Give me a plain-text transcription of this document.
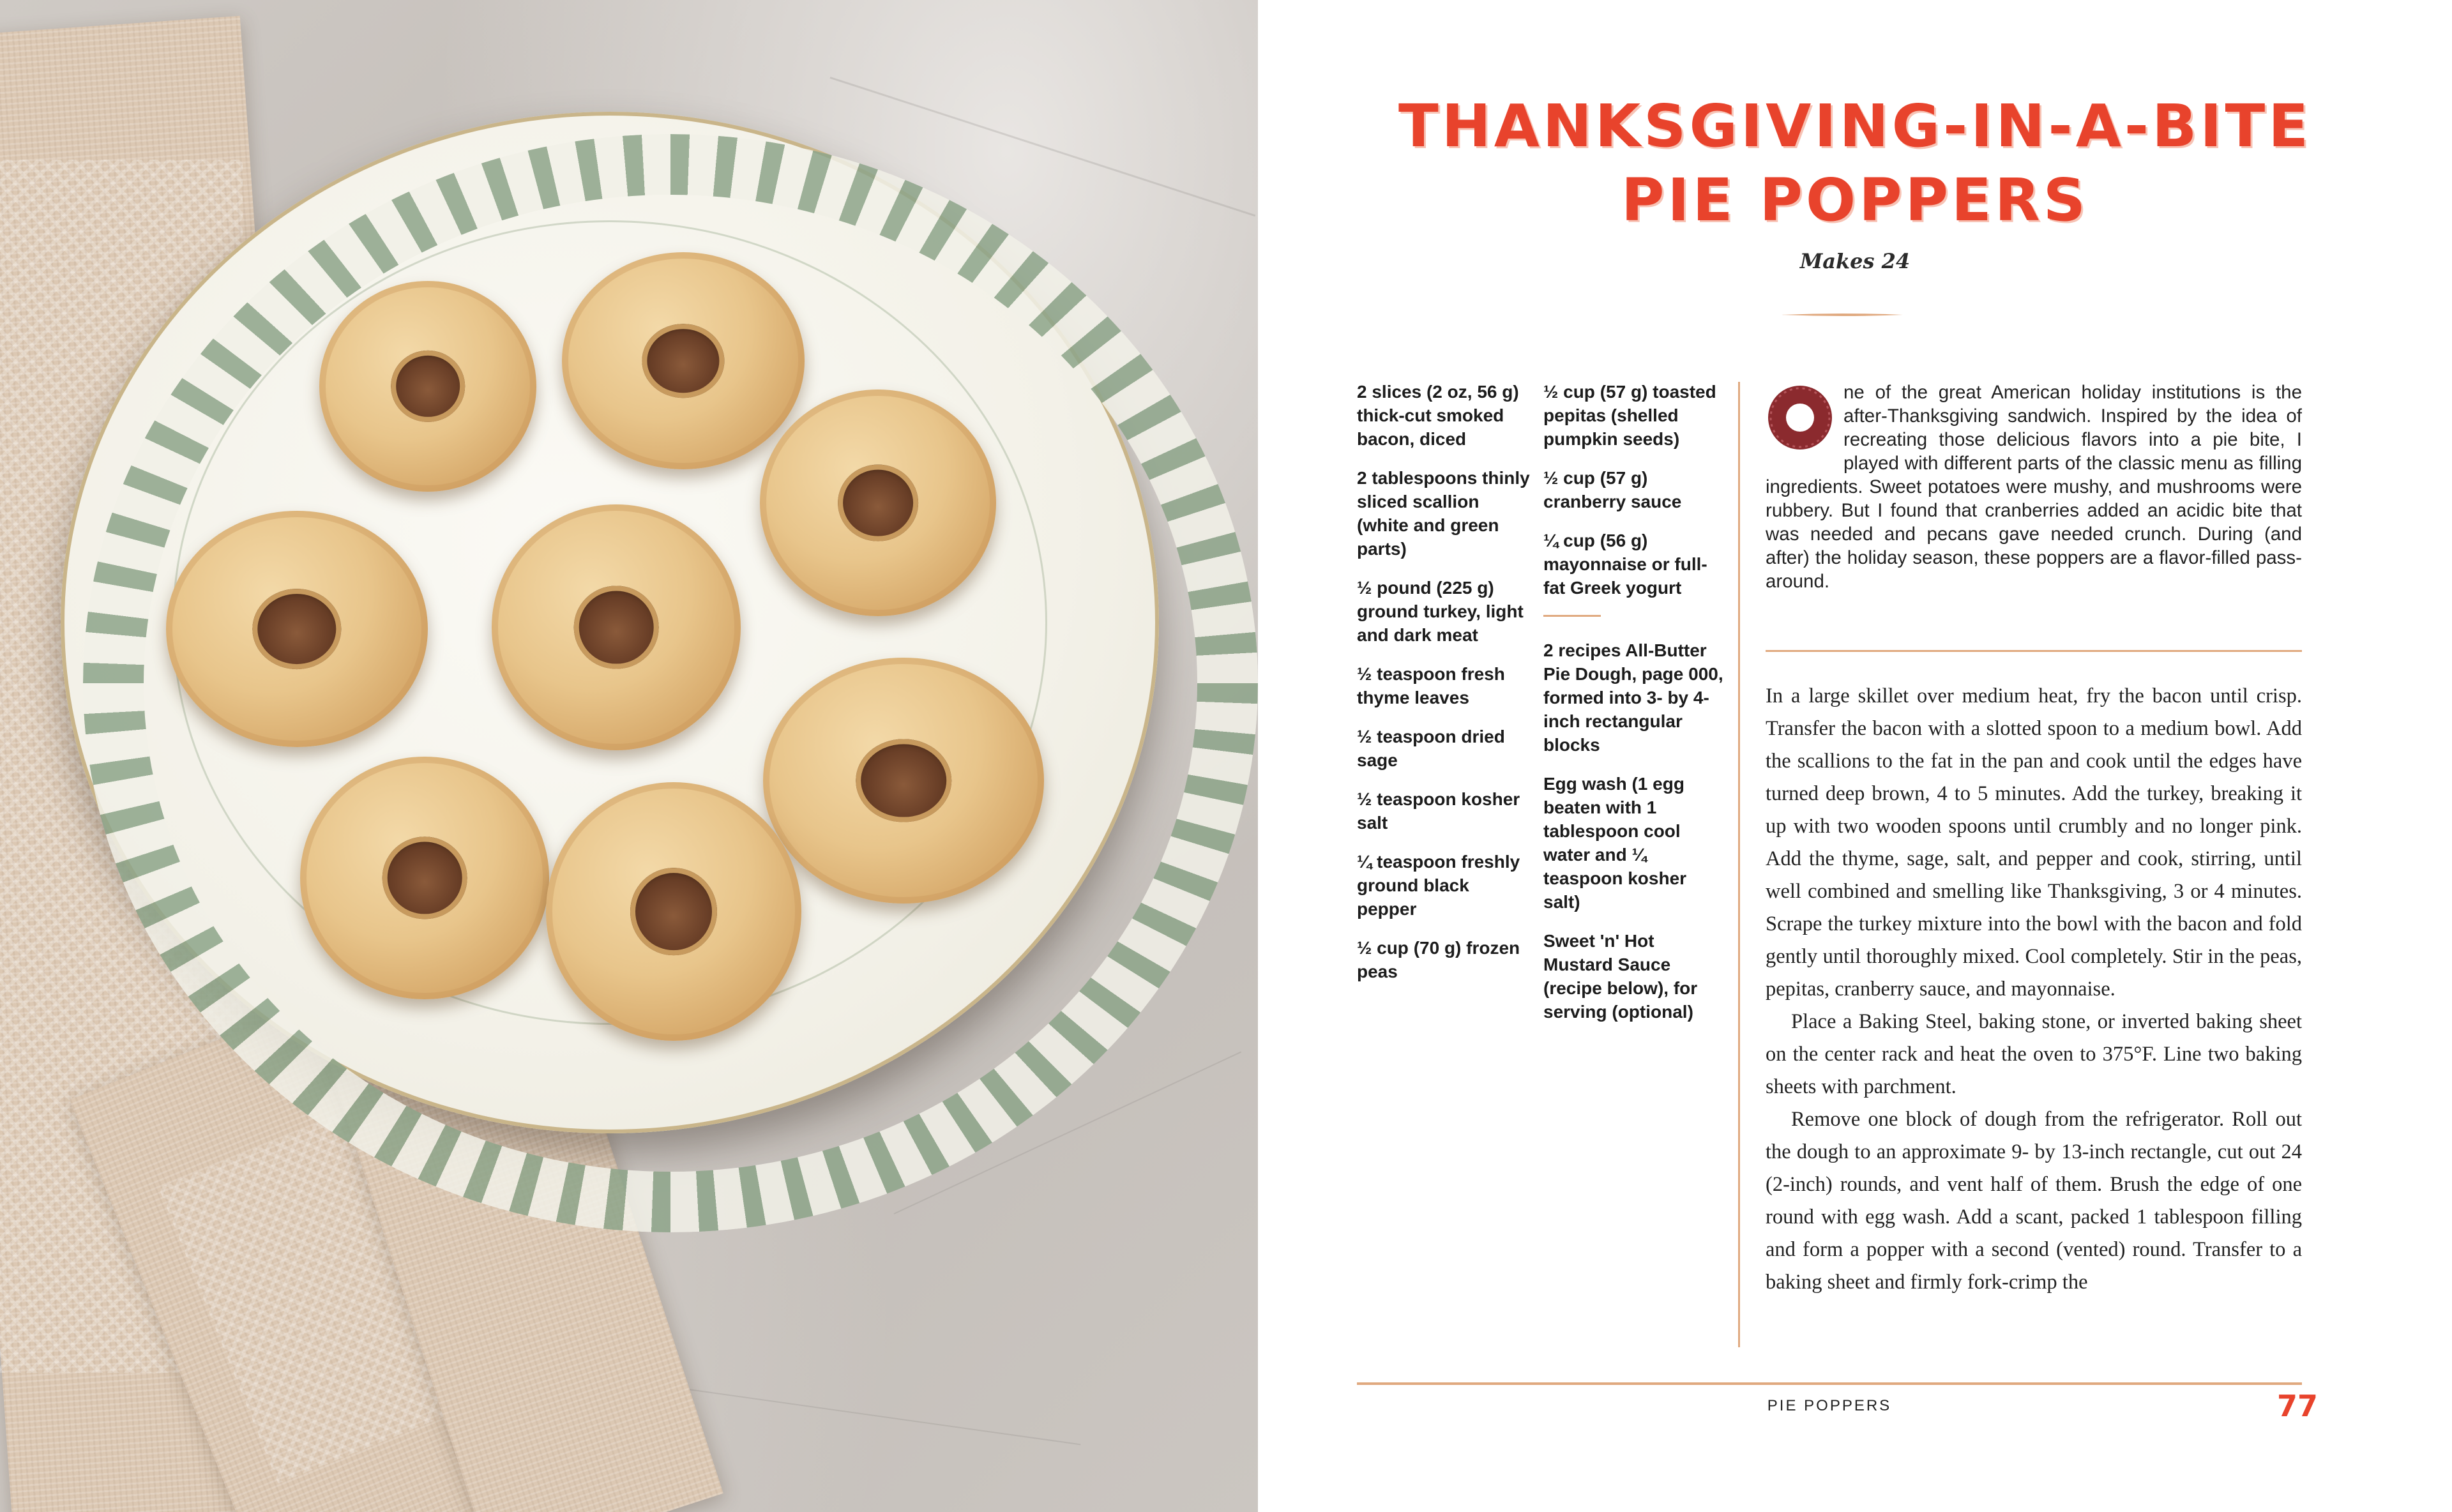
THANKSGIVING-IN-A-BITE
PIE POPPERS
Makes 24
2 slices (2 oz, 56 g) thick-cut smoked bacon, diced
2 tablespoons thinly sliced scallion (white and green parts)
½ pound (225 g) ground turkey, light and dark meat
½ teaspoon fresh thyme leaves
½ teaspoon dried sage
½ teaspoon kosher salt
¼ teaspoon freshly ground black pepper
½ cup (70 g) frozen peas
½ cup (57 g) toasted pepitas (shelled pumpkin seeds)
½ cup (57 g) cranberry sauce
¼ cup (56 g) mayonnaise or full-fat Greek yogurt
2 recipes All-Butter Pie Dough, page 000, formed into 3- by 4-inch rectangular blocks
Egg wash (1 egg beaten with 1 tablespoon cool water and ¼ teaspoon kosher salt)
Sweet 'n' Hot Mustard Sauce (recipe below), for serving (optional)
O
ne of the great American holiday institutions is the after-Thanksgiving sandwich. Inspired by the idea of recreating those delicious flavors into a pie bite, I played with different parts of the classic menu as filling ingredients. Sweet potatoes were mushy, and mushrooms were rubbery. But I found that cranberries added an acidic bite that was needed and pecans gave needed crunch. During (and after) the holiday season, these poppers are a flavor-filled pass-around.

In a large skillet over medium heat, fry the bacon until crisp. Transfer the bacon with a slotted spoon to a medium bowl. Add the scallions to the fat in the pan and cook until the edges have turned deep brown, 4 to 5 minutes. Add the turkey, breaking it up with two wooden spoons until crumbly and no longer pink. Add the thyme, sage, salt, and pepper and cook, stirring, until well combined and smelling like Thanksgiving, 3 or 4 minutes. Scrape the turkey mixture into the bowl with the bacon and fold gently until thoroughly mixed. Cool completely. Stir in the peas, pepitas, cranberry sauce, and mayonnaise.

Place a Baking Steel, baking stone, or inverted baking sheet on the center rack and heat the oven to 375°F. Line two baking sheets with parchment.

Remove one block of dough from the refrigerator. Roll out the dough to an approximate 9- by 13-inch rectangle, cut out 24 (2-inch) rounds, and vent half of them. Brush the edge of one round with egg wash. Add a scant, packed 1 tablespoon filling and form a popper with a second (vented) round. Transfer to a baking sheet and firmly fork-crimp the

PIE POPPERS	77
